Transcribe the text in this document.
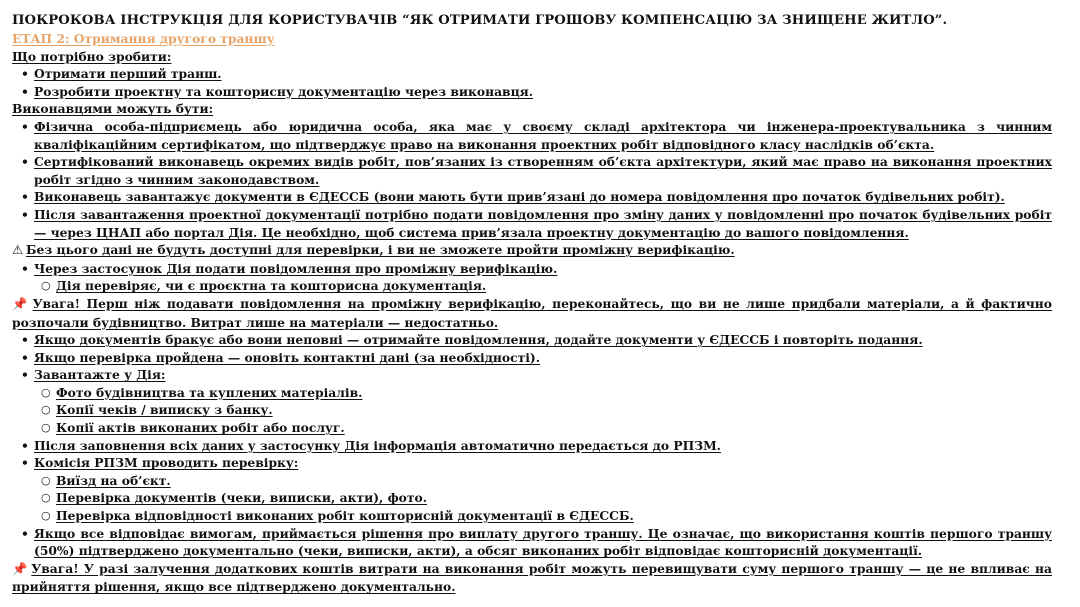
ПОКРОКОВА ІНСТРУКЦІЯ ДЛЯ КОРИСТУВАЧІВ “ЯК ОТРИМАТИ ГРОШОВУ КОМПЕНСАЦІЮ ЗА ЗНИЩЕНЕ ЖИТЛО”.
ЕТАП 2: Отримання другого траншу
Що потрібно зробити:
• Отримати перший транш.
• Розробити проектну та кошторисну документацію через виконавця.
Виконавцями можуть бути:
• Фізична особа-підприємець або юридична особа, яка має у своєму складі архітектора чи інженера-проектувальника з чинним кваліфікаційним сертифікатом, що підтверджує право на виконання проектних робіт відповідного класу наслідків об’єкта.
• Сертифікований виконавець окремих видів робіт, пов’язаних із створенням об’єкта архітектури, який має право на виконання проектних робіт згідно з чинним законодавством.
• Виконавець завантажує документи в ЄДЕССБ (вони мають бути прив’язані до номера повідомлення про початок будівельних робіт).
• Після завантаження проектної документації потрібно подати повідомлення про зміну даних у повідомленні про початок будівельних робіт — через ЦНАП або портал Дія. Це необхідно, щоб система прив’язала проектну документацію до вашого повідомлення.
⚠ Без цього дані не будуть доступні для перевірки, і ви не зможете пройти проміжну верифікацію.
• Через застосунок Дія подати повідомлення про проміжну верифікацію.
○ Дія перевіряє, чи є проєктна та кошторисна документація.
📌 Увага! Перш ніж подавати повідомлення на проміжну верифікацію, переконайтесь, що ви не лише придбали матеріали, а й фактично розпочали будівництво. Витрат лише на матеріали — недостатньо.
• Якщо документів бракує або вони неповні — отримайте повідомлення, додайте документи у ЄДЕССБ і повторіть подання.
• Якщо перевірка пройдена — оновіть контактні дані (за необхідності).
• Завантажте у Дія:
○ Фото будівництва та куплених матеріалів.
○ Копії чеків / виписку з банку.
○ Копії актів виконаних робіт або послуг.
• Після заповнення всіх даних у застосунку Дія інформація автоматично передається до РПЗМ.
• Комісія РПЗМ проводить перевірку:
○ Виїзд на об’єкт.
○ Перевірка документів (чеки, виписки, акти), фото.
○ Перевірка відповідності виконаних робіт кошторисній документації в ЄДЕССБ.
• Якщо все відповідає вимогам, приймається рішення про виплату другого траншу. Це означає, що використання коштів першого траншу (50%) підтверджено документально (чеки, виписки, акти), а обсяг виконаних робіт відповідає кошторисній документації.
📌 Увага! У разі залучення додаткових коштів витрати на виконання робіт можуть перевищувати суму першого траншу — це не впливає на прийняття рішення, якщо все підтверджено документально.
